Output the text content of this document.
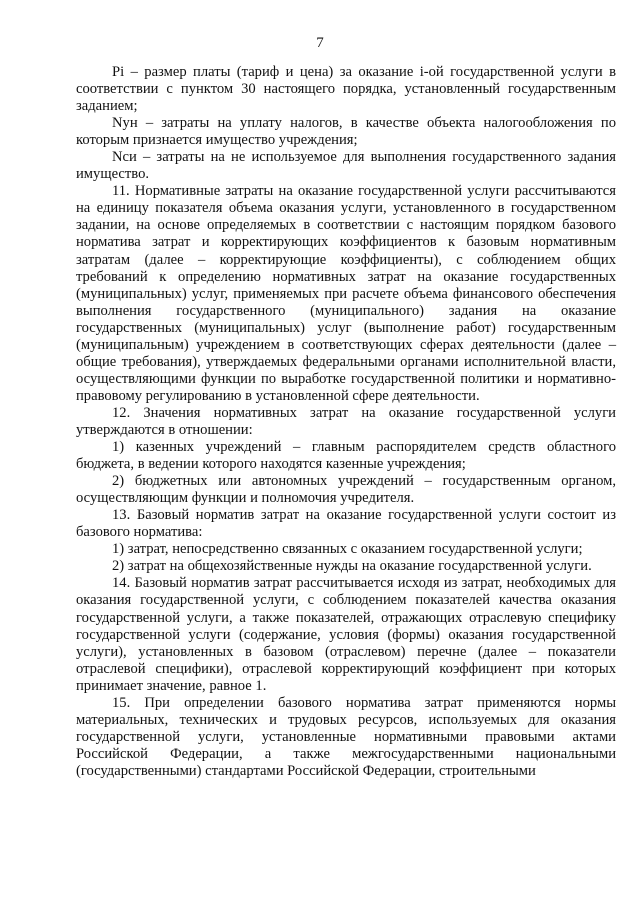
7

Pi – размер платы (тариф и цена) за оказание i-ой государственной услуги в соответствии с пунктом 30 настоящего порядка, установленный государственным заданием;

Nун – затраты на уплату налогов, в качестве объекта налогообложения по которым признается имущество учреждения;

Nси – затраты на не используемое для выполнения государственного задания имущество.

11. Нормативные затраты на оказание государственной услуги рассчитываются на единицу показателя объема оказания услуги, установленного в государственном задании, на основе определяемых в соответствии с настоящим порядком базового норматива затрат и корректирующих коэффициентов к базовым нормативным затратам (далее – корректирующие коэффициенты), с соблюдением общих требований к определению нормативных затрат на оказание государственных (муниципальных) услуг, применяемых при расчете объема финансового обеспечения выполнения государственного (муниципального) задания на оказание государственных (муниципальных) услуг (выполнение работ) государственным (муниципальным) учреждением в соответствующих сферах деятельности (далее – общие требования), утверждаемых федеральными органами исполнительной власти, осуществляющими функции по выработке государственной политики и нормативно-правовому регулированию в установленной сфере деятельности.

12. Значения нормативных затрат на оказание государственной услуги утверждаются в отношении:

1) казенных учреждений – главным распорядителем средств областного бюджета, в ведении которого находятся казенные учреждения;

2) бюджетных или автономных учреждений – государственным органом, осуществляющим функции и полномочия учредителя.

13. Базовый норматив затрат на оказание государственной услуги состоит из базового норматива:

1) затрат, непосредственно связанных с оказанием государственной услуги;

2) затрат на общехозяйственные нужды на оказание государственной услуги.

14. Базовый норматив затрат рассчитывается исходя из затрат, необходимых для оказания государственной услуги, с соблюдением показателей качества оказания государственной услуги, а также показателей, отражающих отраслевую специфику государственной услуги (содержание, условия (формы) оказания государственной услуги), установленных в базовом (отраслевом) перечне (далее – показатели отраслевой специфики), отраслевой корректирующий коэффициент при которых принимает значение, равное 1.

15. При определении базового норматива затрат применяются нормы материальных, технических и трудовых ресурсов, используемых для оказания государственной услуги, установленные нормативными правовыми актами Российской Федерации, а также межгосударственными национальными (государственными) стандартами Российской Федерации, строительными
